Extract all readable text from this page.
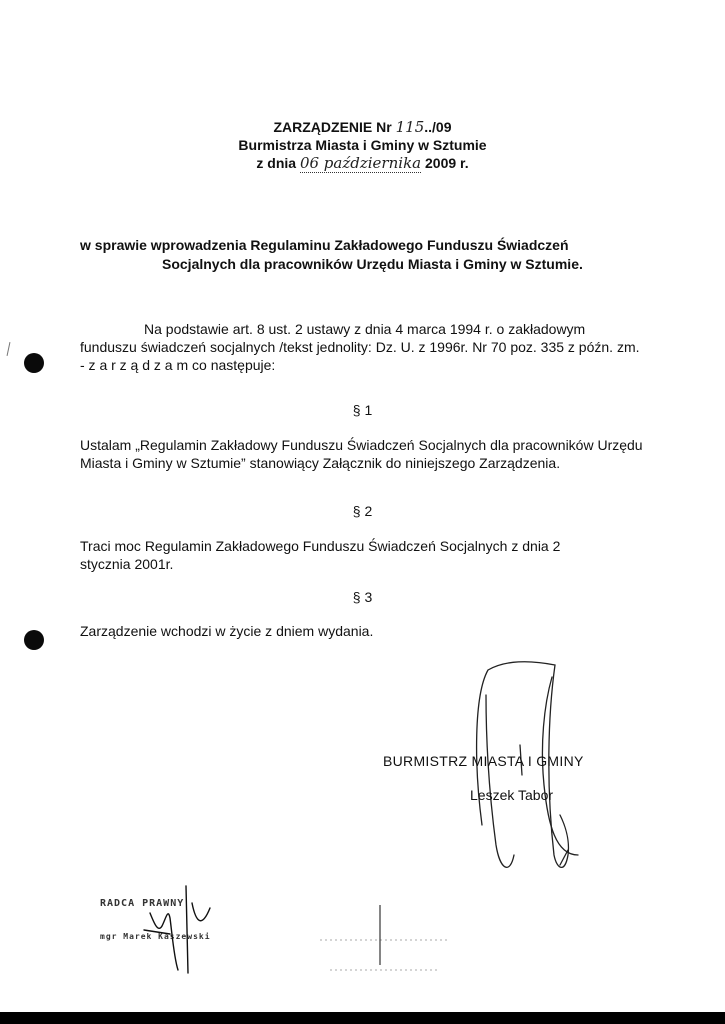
ZARZĄDZENIE Nr 115../09
Burmistrza Miasta i Gminy w Sztumie
z dnia 06 października 2009 r.
w sprawie wprowadzenia Regulaminu Zakładowego Funduszu Świadczeń
Socjalnych dla pracowników Urzędu Miasta i Gminy w Sztumie.
Na podstawie art. 8 ust. 2 ustawy z dnia 4 marca 1994 r. o zakładowym funduszu świadczeń socjalnych /tekst jednolity: Dz. U. z 1996r. Nr 70 poz. 335 z późn. zm. - z a r z ą d z a m co następuje:
§ 1
Ustalam „Regulamin Zakładowy Funduszu Świadczeń Socjalnych dla pracowników Urzędu Miasta i Gminy w Sztumie” stanowiący Załącznik do niniejszego Zarządzenia.
§ 2
Traci moc Regulamin Zakładowego Funduszu Świadczeń Socjalnych z dnia 2 stycznia 2001r.
§ 3
Zarządzenie wchodzi w życie z dniem wydania.
BURMISTRZ MIASTA I GMINY
Leszek Tabor
RADCA PRAWNY
mgr Marek Kaszewski
